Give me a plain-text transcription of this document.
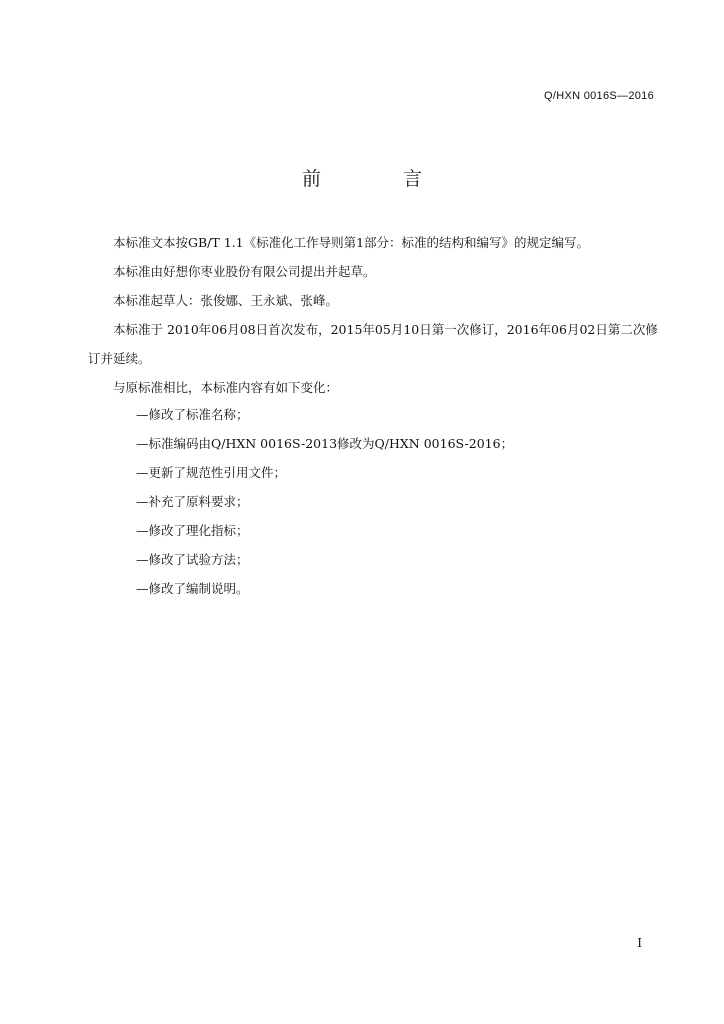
Q/HXN 0016S—2016
前 言

本标准文本按GB/T 1.1《标准化工作导则第1部分：标准的结构和编写》的规定编写。

本标准由好想你枣业股份有限公司提出并起草。

本标准起草人：张俊娜、王永斌、张峰。

本标准于 2010年06月08日首次发布，2015年05月10日第一次修订，2016年06月02日第二次修订并延续。

与原标准相比，本标准内容有如下变化：

—修改了标准名称；
—标准编码由Q/HXN 0016S-2013修改为Q/HXN 0016S-2016；
—更新了规范性引用文件；
—补充了原料要求；
—修改了理化指标；
—修改了试验方法；
—修改了编制说明。
I
